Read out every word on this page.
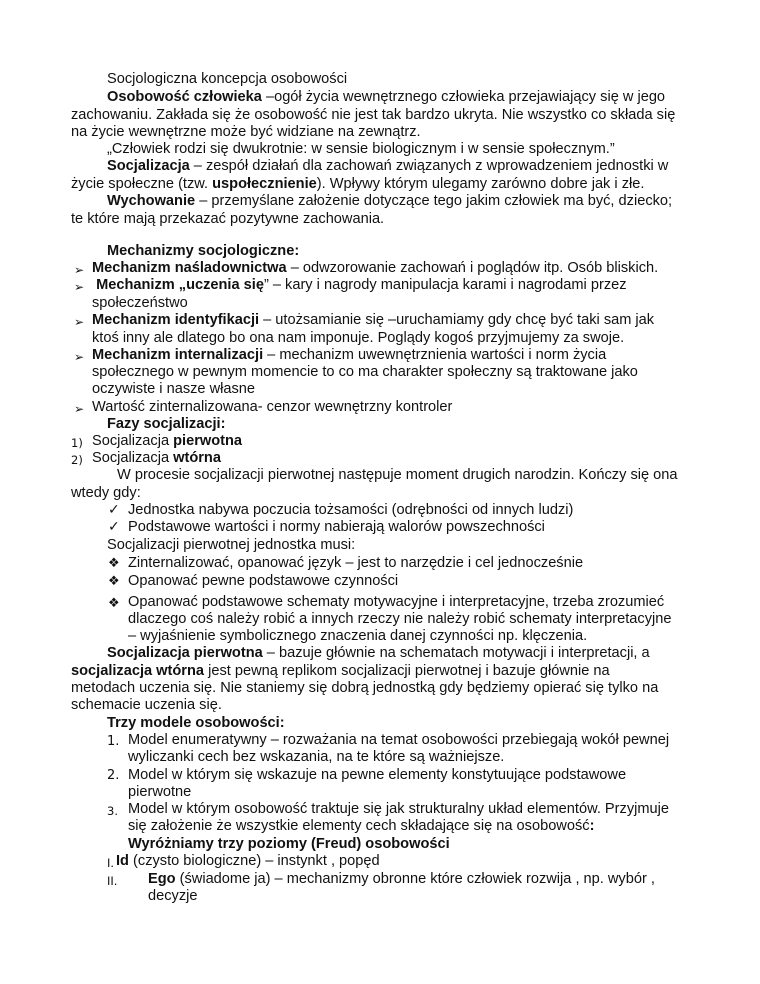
Socjologiczna koncepcja osobowości
Osobowość człowieka –ogół życia wewnętrznego człowieka przejawiający się w jego
zachowaniu. Zakłada się że osobowość nie jest tak bardzo ukryta. Nie wszystko co składa się
na życie wewnętrzne może być widziane na zewnątrz.
„Człowiek rodzi się dwukrotnie: w sensie biologicznym i w sensie społecznym.”
Socjalizacja – zespół działań dla zachowań związanych z wprowadzeniem jednostki w
życie społeczne (tzw. uspołecznienie). Wpływy którym ulegamy zarówno dobre jak i złe.
Wychowanie – przemyślane założenie dotyczące tego jakim człowiek ma być, dziecko;
te które mają przekazać pozytywne zachowania.
Mechanizmy socjologiczne:
➢ Mechanizm naśladownictwa – odwzorowanie zachowań i poglądów itp. Osób bliskich.
➢ Mechanizm „uczenia się” – kary i nagrody manipulacja karami i nagrodami przez
społeczeństwo
➢ Mechanizm identyfikacji – utożsamianie się –uruchamiamy gdy chcę być taki sam jak
ktoś inny ale dlatego bo ona nam imponuje. Poglądy kogoś przyjmujemy za swoje.
➢ Mechanizm internalizacji – mechanizm uwewnętrznienia wartości i norm życia
społecznego w pewnym momencie to co ma charakter społeczny są traktowane jako
oczywiste i nasze własne
➢ Wartość zinternalizowana- cenzor wewnętrzny kontroler
Fazy socjalizacji:
1) Socjalizacja pierwotna
2) Socjalizacja wtórna
W procesie socjalizacji pierwotnej następuje moment drugich narodzin. Kończy się ona
wtedy gdy:
✓ Jednostka nabywa poczucia tożsamości (odrębności od innych ludzi)
✓ Podstawowe wartości i normy nabierają walorów powszechności
Socjalizacji pierwotnej jednostka musi:
❖ Zinternalizować, opanować język – jest to narzędzie i cel jednocześnie
❖ Opanować pewne podstawowe czynności
❖ Opanować podstawowe schematy motywacyjne i interpretacyjne, trzeba zrozumieć
dlaczego coś należy robić a innych rzeczy nie należy robić schematy interpretacyjne
– wyjaśnienie symbolicznego znaczenia danej czynności np. klęczenia.
Socjalizacja pierwotna – bazuje głównie na schematach motywacji i interpretacji, a
socjalizacja wtórna jest pewną replikom socjalizacji pierwotnej i bazuje głównie na
metodach uczenia się. Nie staniemy się dobrą jednostką gdy będziemy opierać się tylko na
schemacie uczenia się.
Trzy modele osobowości:
1. Model enumeratywny – rozważania na temat osobowości przebiegają wokół pewnej
wyliczanki cech bez wskazania, na te które są ważniejsze.
2. Model w którym się wskazuje na pewne elementy konstytuujące podstawowe
pierwotne
3. Model w którym osobowość traktuje się jak strukturalny układ elementów. Przyjmuje
się założenie że wszystkie elementy cech składające się na osobowość:
Wyróżniamy trzy poziomy (Freud) osobowości
I. Id (czysto biologiczne) – instynkt , popęd
II. Ego (świadome ja) – mechanizmy obronne które człowiek rozwija , np. wybór ,
decyzje
